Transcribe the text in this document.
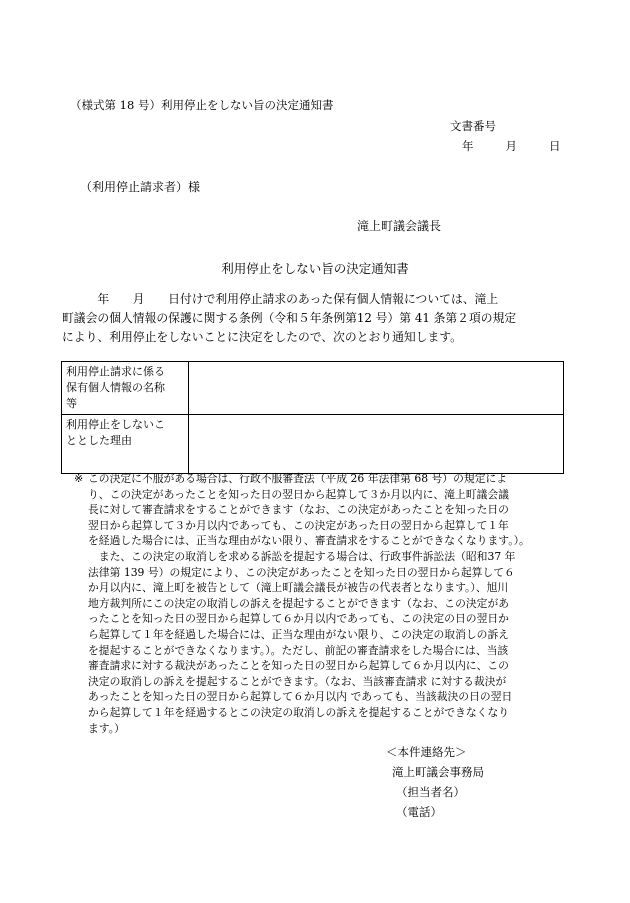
（様式第 18 号）利用停止をしない旨の決定通知書
文書番号
年	月	日
（利用停止請求者）様
滝上町議会議長
利用停止をしない旨の決定通知書
　　　年　　月　　日付けで利用停止請求のあった保有個人情報については、滝上
町議会の個人情報の保護に関する条例（令和５年条例第12 号）第 41 条第２項の規定
により、利用停止をしないことに決定をしたので、次のとおり通知します。
利用停止請求に係る
保有個人情報の名称
等	

利用停止をしないこ
ととした理由	

※ この決定に不服がある場合は、行政不服審査法（平成 26 年法律第 68 号）の規定によ
り、この決定があったことを知った日の翌日から起算して３か月以内に、滝上町議会議
長に対して審査請求をすることができます（なお、この決定があったことを知った日の
翌日から起算して３か月以内であっても、この決定があった日の翌日から起算して１年
を経過した場合には、正当な理由がない限り、審査請求をすることができなくなります。）。
　また、この決定の取消しを求める訴訟を提起する場合は、行政事件訴訟法（昭和37 年
法律第 139 号）の規定により、この決定があったことを知った日の翌日から起算して６
か月以内に、滝上町を被告として（滝上町議会議長が被告の代表者となります。）、旭川
地方裁判所にこの決定の取消しの訴えを提起することができます（なお、この決定があ
ったことを知った日の翌日から起算して６か月以内であっても、この決定の日の翌日か
ら起算して１年を経過した場合には、正当な理由がない限り、この決定の取消しの訴え
を提起することができなくなります。）。ただし、前記の審査請求をした場合には、当該
審査請求に対する裁決があったことを知った日の翌日から起算して６か月以内に、この
決定の取消しの訴えを提起することができます。（なお、当該審査請求 に対する裁決が
あったことを知った日の翌日から起算して６か月以内 であっても、当該裁決の日の翌日
から起算して１年を経過するとこの決定の取消しの訴えを提起することができなくなり
ます。）
＜本件連絡先＞
滝上町議会事務局
（担当者名）
（電話）
